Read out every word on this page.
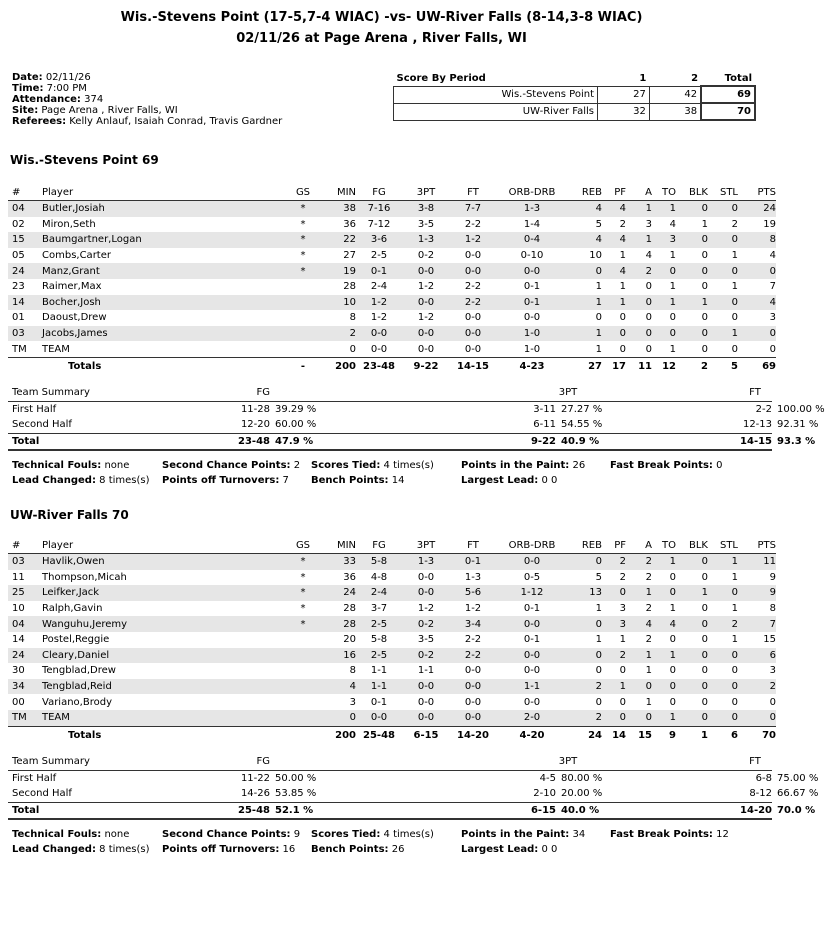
Wis.-Stevens Point (17-5,7-4 WIAC) -vs- UW-River Falls (8-14,3-8 WIAC)
02/11/26 at Page Arena , River Falls, WI
Date: 02/11/26
Time: 7:00 PM
Attendance: 374
Site: Page Arena , River Falls, WI
Referees: Kelly Anlauf, Isaiah Conrad, Travis Gardner
Score By Period	1	2	Total
Wis.-Stevens Point	27	42	69
UW-River Falls	32	38	70
Wis.-Stevens Point 69
#	Player	GS	MIN	FG	3PT	FT	ORB-DRB	REB	PF	A	TO	BLK	STL	PTS
04	Butler,Josiah	*	38	7-16	3-8	7-7	1-3	4	4	1	1	0	0	24
02	Miron,Seth	*	36	7-12	3-5	2-2	1-4	5	2	3	4	1	2	19
15	Baumgartner,Logan	*	22	3-6	1-3	1-2	0-4	4	4	1	3	0	0	8
05	Combs,Carter	*	27	2-5	0-2	0-0	0-10	10	1	4	1	0	1	4
24	Manz,Grant	*	19	0-1	0-0	0-0	0-0	0	4	2	0	0	0	0
23	Raimer,Max		28	2-4	1-2	2-2	0-1	1	1	0	1	0	1	7
14	Bocher,Josh		10	1-2	0-0	2-2	0-1	1	1	0	1	1	0	4
01	Daoust,Drew		8	1-2	1-2	0-0	0-0	0	0	0	0	0	0	3
03	Jacobs,James		2	0-0	0-0	0-0	1-0	1	0	0	0	0	1	0
TM	TEAM		0	0-0	0-0	0-0	1-0	1	0	0	1	0	0	0
	Totals	-	200	23-48	9-22	14-15	4-23	27	17	11	12	2	5	69
Team Summary	FG			3PT			FT	
First Half	11-28	39.29 %		3-11	27.27 %		2-2	100.00 %
Second Half	12-20	60.00 %		6-11	54.55 %		12-13	92.31 %
Total	23-48	47.9 %		9-22	40.9 %		14-15	93.3 %
Technical Fouls: none	Second Chance Points: 2 Scores Tied: 4 times(s)	Points in the Paint: 26 Fast Break Points: 0
Lead Changed: 8 times(s) Points off Turnovers: 7 Bench Points: 14	Largest Lead: 0 0
UW-River Falls 70
#	Player	GS	MIN	FG	3PT	FT	ORB-DRB	REB	PF	A	TO	BLK	STL	PTS
03	Havlik,Owen	*	33	5-8	1-3	0-1	0-0	0	2	2	1	0	1	11
11	Thompson,Micah	*	36	4-8	0-0	1-3	0-5	5	2	2	0	0	1	9
25	Leifker,Jack	*	24	2-4	0-0	5-6	1-12	13	0	1	0	1	0	9
10	Ralph,Gavin	*	28	3-7	1-2	1-2	0-1	1	3	2	1	0	1	8
04	Wanguhu,Jeremy	*	28	2-5	0-2	3-4	0-0	0	3	4	4	0	2	7
14	Postel,Reggie		20	5-8	3-5	2-2	0-1	1	1	2	0	0	1	15
24	Cleary,Daniel		16	2-5	0-2	2-2	0-0	0	2	1	1	0	0	6
30	Tengblad,Drew		8	1-1	1-1	0-0	0-0	0	0	1	0	0	0	3
34	Tengblad,Reid		4	1-1	0-0	0-0	1-1	2	1	0	0	0	0	2
00	Variano,Brody		3	0-1	0-0	0-0	0-0	0	0	1	0	0	0	0
TM	TEAM		0	0-0	0-0	0-0	2-0	2	0	0	1	0	0	0
	Totals		200	25-48	6-15	14-20	4-20	24	14	15	9	1	6	70
Team Summary	FG			3PT			FT	
First Half	11-22	50.00 %		4-5	80.00 %		6-8	75.00 %
Second Half	14-26	53.85 %		2-10	20.00 %		8-12	66.67 %
Total	25-48	52.1 %		6-15	40.0 %		14-20	70.0 %
Technical Fouls: none	Second Chance Points: 9 Scores Tied: 4 times(s)	Points in the Paint: 34 Fast Break Points: 12
Lead Changed: 8 times(s) Points off Turnovers: 16 Bench Points: 26	Largest Lead: 0 0
